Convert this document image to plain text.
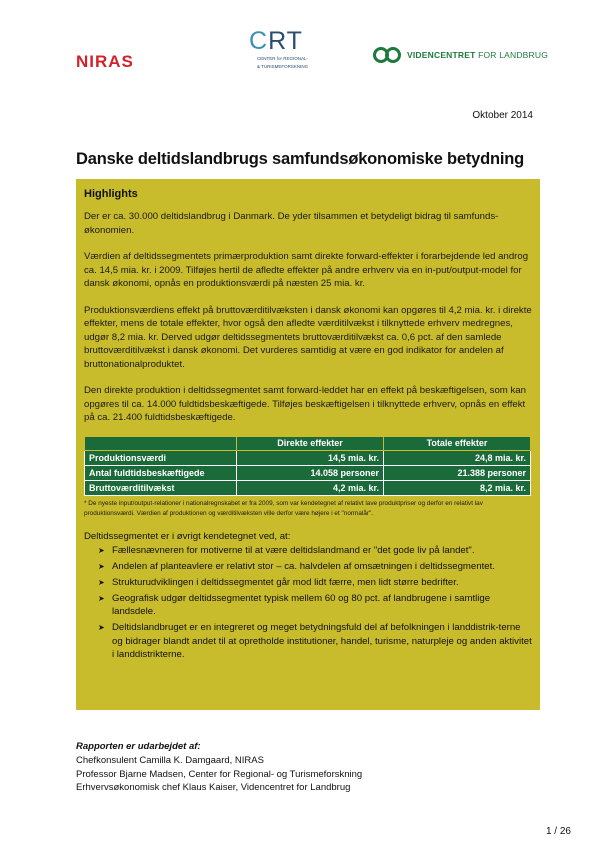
NIRAS
CRT
CENTER for REGIONAL-
& TURISMEFORSKNING
VIDENCENTRET FOR LANDBRUG
Oktober 2014
Danske deltidslandbrugs samfundsøkonomiske betydning
Highlights

Der er ca. 30.000 deltidslandbrug i Danmark. De yder tilsammen et betydeligt bidrag til samfunds-økonomien.

Værdien af deltidssegmentets primærproduktion samt direkte forward-effekter i forarbejdende led androg ca. 14,5 mia. kr. i 2009. Tilføjes hertil de afledte effekter på andre erhverv via en in-put/output-model for dansk økonomi, opnås en produktionsværdi på næsten 25 mia. kr.

Produktionsværdiens effekt på bruttoværditilvæksten i dansk økonomi kan opgøres til 4,2 mia. kr. i direkte effekter, mens de totale effekter, hvor også den afledte værditilvækst i tilknyttede erhverv medregnes, udgør 8,2 mia. kr. Derved udgør deltidssegmentets bruttoværditilvækst ca. 0,6 pct. af den samlede bruttoværditilvækst i dansk økonomi. Det vurderes samtidig at være en god indikator for andelen af bruttonationalproduktet.

Den direkte produktion i deltidssegmentet samt forward-leddet har en effekt på beskæftigelsen, som kan opgøres til ca. 14.000 fuldtidsbeskæftigede. Tilføjes beskæftigelsen i tilknyttede erhverv, opnås en effekt på ca. 21.400 fuldtidsbeskæftigede.

	Direkte effekter	Totale effekter
Produktionsværdi	14,5 mia. kr.	24,8 mia. kr.
Antal fuldtidsbeskæftigede	14.058 personer	21.388 personer
Bruttoværditilvækst	4,2 mia. kr.	8,2 mia. kr.
* De nyeste input/output-relationer i nationalregnskabet er fra 2009, som var kendetegnet af relativt lave produktpriser og derfor en relativt lav produktionsværdi. Værdien af produktionen og værditilvæksten ville derfor være højere i et "normalår".
Deltidssegmentet er i øvrigt kendetegnet ved, at:
➤ Fællesnævneren for motiverne til at være deltidslandmand er "det gode liv på landet".
➤ Andelen af planteavlere er relativt stor – ca. halvdelen af omsætningen i deltidssegmentet.
➤ Strukturudviklingen i deltidssegmentet går mod lidt færre, men lidt større bedrifter.
➤ Geografisk udgør deltidssegmentet typisk mellem 60 og 80 pct. af landbrugene i samtlige landsdele.
➤ Deltidslandbruget er en integreret og meget betydningsfuld del af befolkningen i landdistrik-terne og bidrager blandt andet til at opretholde institutioner, handel, turisme, naturpleje og anden aktivitet i landdistrikterne.
Rapporten er udarbejdet af:
Chefkonsulent Camilla K. Damgaard, NIRAS
Professor Bjarne Madsen, Center for Regional- og Turismeforskning
Erhvervsøkonomisk chef Klaus Kaiser, Videncentret for Landbrug
1 / 26
